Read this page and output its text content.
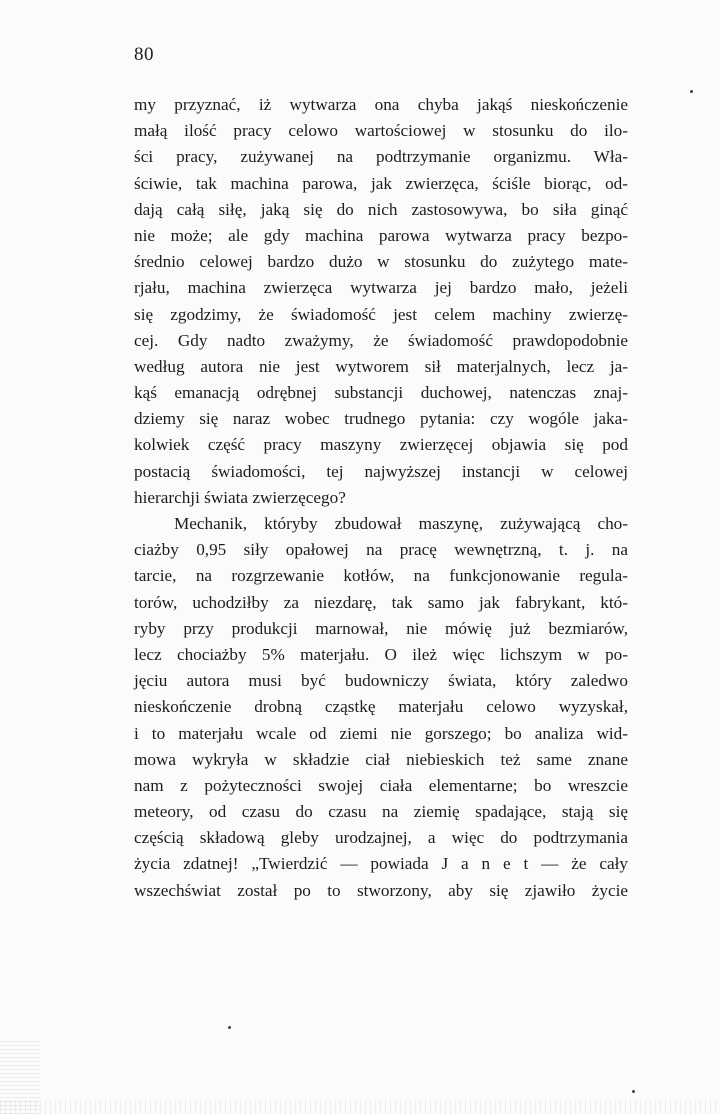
80
my przyznać, iż wytwarza ona chyba jakąś nieskończenie
małą ilość pracy celowo wartościowej w stosunku do ilo-
ści pracy, zużywanej na podtrzymanie organizmu. Wła-
ściwie, tak machina parowa, jak zwierzęca, ściśle biorąc, od-
dają całą siłę, jaką się do nich zastosowywa, bo siła ginąć
nie może; ale gdy machina parowa wytwarza pracy bezpo-
średnio celowej bardzo dużo w stosunku do zużytego mate-
rjału, machina zwierzęca wytwarza jej bardzo mało, jeżeli
się zgodzimy, że świadomość jest celem machiny zwierzę-
cej. Gdy nadto zważymy, że świadomość prawdopodobnie
według autora nie jest wytworem sił materjalnych, lecz ja-
kąś emanacją odrębnej substancji duchowej, natenczas znaj-
dziemy się naraz wobec trudnego pytania: czy wogóle jaka-
kolwiek część pracy maszyny zwierzęcej objawia się pod
postacią świadomości, tej najwyższej instancji w celowej
hierarchji świata zwierzęcego?
Mechanik, któryby zbudował maszynę, zużywającą cho-
ciażby 0,95 siły opałowej na pracę wewnętrzną, t. j. na
tarcie, na rozgrzewanie kotłów, na funkcjonowanie regula-
torów, uchodziłby za niezdarę, tak samo jak fabrykant, któ-
ryby przy produkcji marnował, nie mówię już bezmiarów,
lecz chociażby 5% materjału. O ileż więc lichszym w po-
jęciu autora musi być budowniczy świata, który zaledwo
nieskończenie drobną cząstkę materjału celowo wyzyskał,
i to materjału wcale od ziemi nie gorszego; bo analiza wid-
mowa wykryła w składzie ciał niebieskich też same znane
nam z pożyteczności swojej ciała elementarne; bo wreszcie
meteory, od czasu do czasu na ziemię spadające, stają się
częścią składową gleby urodzajnej, a więc do podtrzymania
życia zdatnej! „Twierdzić — powiada J a n e t — że cały
wszechświat został po to stworzony, aby się zjawiło życie
